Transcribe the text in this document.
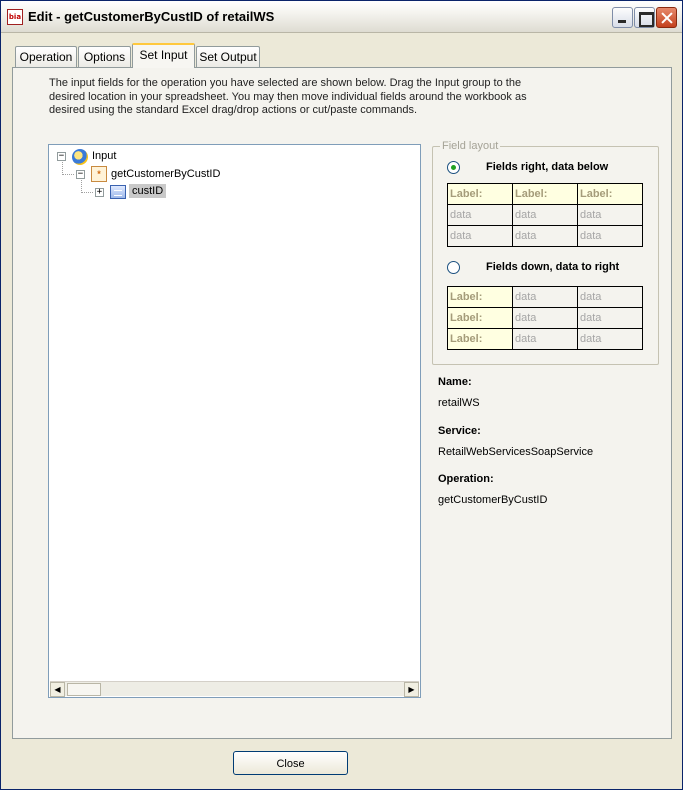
bia Edit - getCustomerByCustID of retailWS
Operation Options	Set Input Set Output
The input fields for the operation you have selected are shown below. Drag the Input group to the desired location in your spreadsheet. You may then move individual fields around the workbook as desired using the standard Excel drag/drop actions or cut/paste commands.
−	Input
−	* getCustomerByCustID
+	custID
◀	▶
Field layout
Fields right, data below
Label:	Label:	Label:
data	data	data
data	data	data
Fields down, data to right
Label:	data	data
Label:	data	data
Label:	data	data
Name:
retailWS
Service:
RetailWebServicesSoapService
Operation:
getCustomerByCustID
Close
